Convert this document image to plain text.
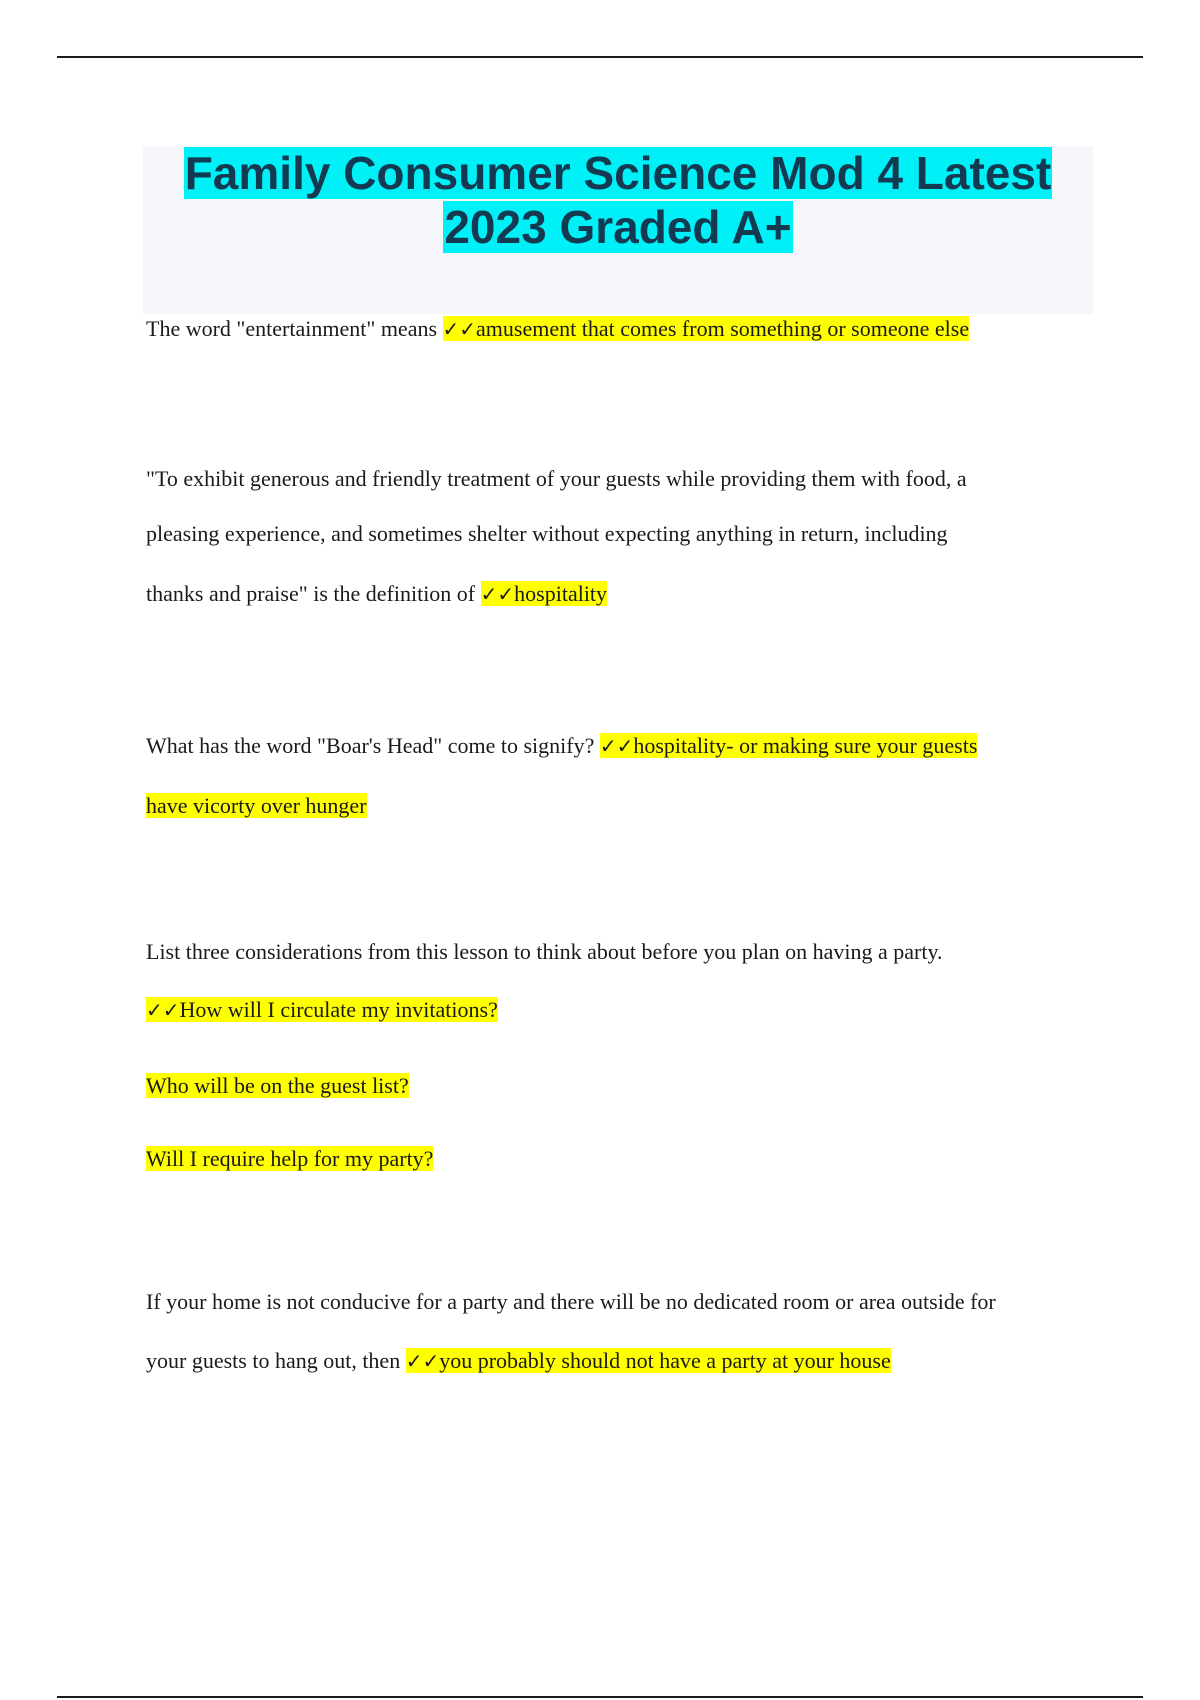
Family Consumer Science Mod 4 Latest
2023 Graded A+
The word "entertainment" means ✓✓amusement that comes from something or someone else
"To exhibit generous and friendly treatment of your guests while providing them with food, a
pleasing experience, and sometimes shelter without expecting anything in return, including
thanks and praise" is the definition of ✓✓hospitality
What has the word "Boar's Head" come to signify? ✓✓hospitality- or making sure your guests
have vicorty over hunger
List three considerations from this lesson to think about before you plan on having a party.
✓✓How will I circulate my invitations?
Who will be on the guest list?
Will I require help for my party?
If your home is not conducive for a party and there will be no dedicated room or area outside for
your guests to hang out, then ✓✓you probably should not have a party at your house
